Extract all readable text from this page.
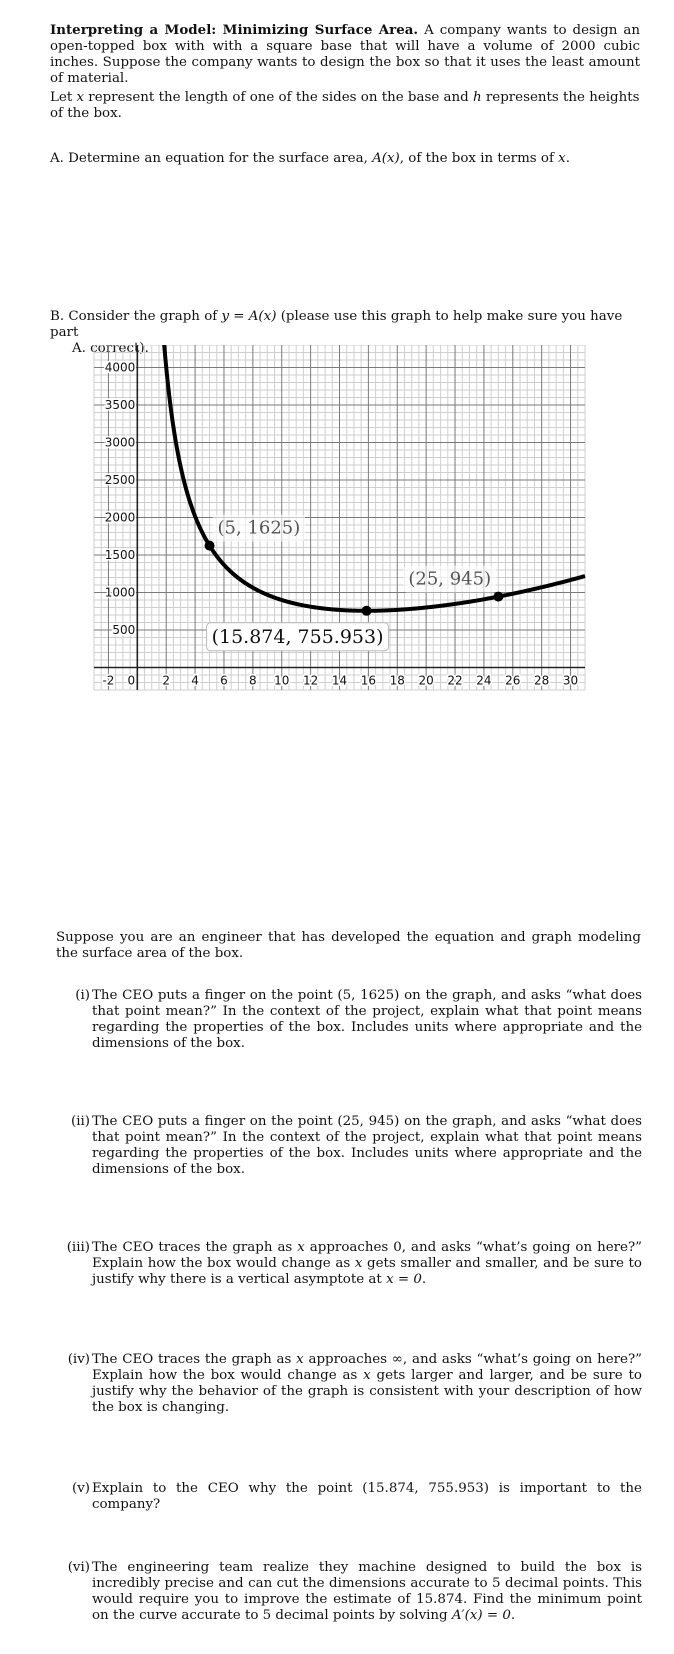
Interpreting a Model: Minimizing Surface Area. A company wants to design an open-topped box with with a square base that will have a volume of 2000 cubic inches. Suppose the company wants to design the box so that it uses the least amount of material.
Let x represent the length of one of the sides on the base and h represents the heights of the box.
A. Determine an equation for the surface area, A(x), of the box in terms of x.
B. Consider the graph of y = A(x) (please use this graph to help make sure you have part
A. correct).
-2 0 2 4 6 8 10 12 14 16 18 20 22 24 26 28 30
500
1000
1500
2000
2500
3000
3500
4000
(5, 1625)
(25, 945)
(15.874, 755.953)
Suppose you are an engineer that has developed the equation and graph modeling the surface area of the box.
(i) The CEO puts a finger on the point (5, 1625) on the graph, and asks “what does that point mean?” In the context of the project, explain what that point means regarding the properties of the box. Includes units where appropriate and the dimensions of the box.
(ii) The CEO puts a finger on the point (25, 945) on the graph, and asks “what does that point mean?” In the context of the project, explain what that point means regarding the properties of the box. Includes units where appropriate and the dimensions of the box.
(iii) The CEO traces the graph as x approaches 0, and asks “what’s going on here?” Explain how the box would change as x gets smaller and smaller, and be sure to justify why there is a vertical asymptote at x = 0.
(iv) The CEO traces the graph as x approaches ∞, and asks “what’s going on here?” Explain how the box would change as x gets larger and larger, and be sure to justify why the behavior of the graph is consistent with your description of how the box is changing.
(v) Explain to the CEO why the point (15.874, 755.953) is important to the company?
(vi) The engineering team realize they machine designed to build the box is incredibly precise and can cut the dimensions accurate to 5 decimal points. This would require you to improve the estimate of 15.874. Find the minimum point on the curve accurate to 5 decimal points by solving A′(x) = 0.
